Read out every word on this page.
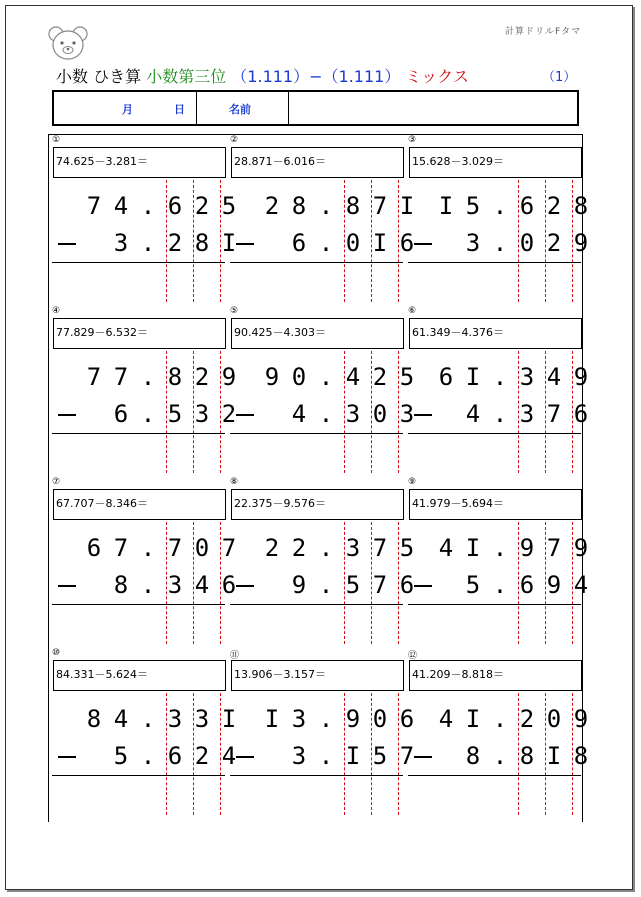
計算ドリルFタマ
小数 ひき算 小数第三位 （1.111）−（1.111） ミックス	（1）
月	日	名前
①
74.625－3.281＝
7 4 . 6 2 5
3 . 2 8 I
②
28.871－6.016＝
2 8 . 8 7 I
6 . 0 I 6
③
15.628－3.029＝
I 5 . 6 2 8
3 . 0 2 9
④
77.829－6.532＝
7 7 . 8 2 9
6 . 5 3 2
⑤
90.425－4.303＝
9 0 . 4 2 5
4 . 3 0 3
⑥
61.349－4.376＝
6 I . 3 4 9
4 . 3 7 6
⑦
67.707－8.346＝
6 7 . 7 0 7
8 . 3 4 6
⑧
22.375－9.576＝
2 2 . 3 7 5
9 . 5 7 6
⑨
41.979－5.694＝
4 I . 9 7 9
5 . 6 9 4
⑩
84.331－5.624＝
8 4 . 3 3 I
5 . 6 2 4
⑪
13.906－3.157＝
I 3 . 9 0 6
3 . I 5 7
⑫
41.209－8.818＝
4 I . 2 0 9
8 . 8 I 8
